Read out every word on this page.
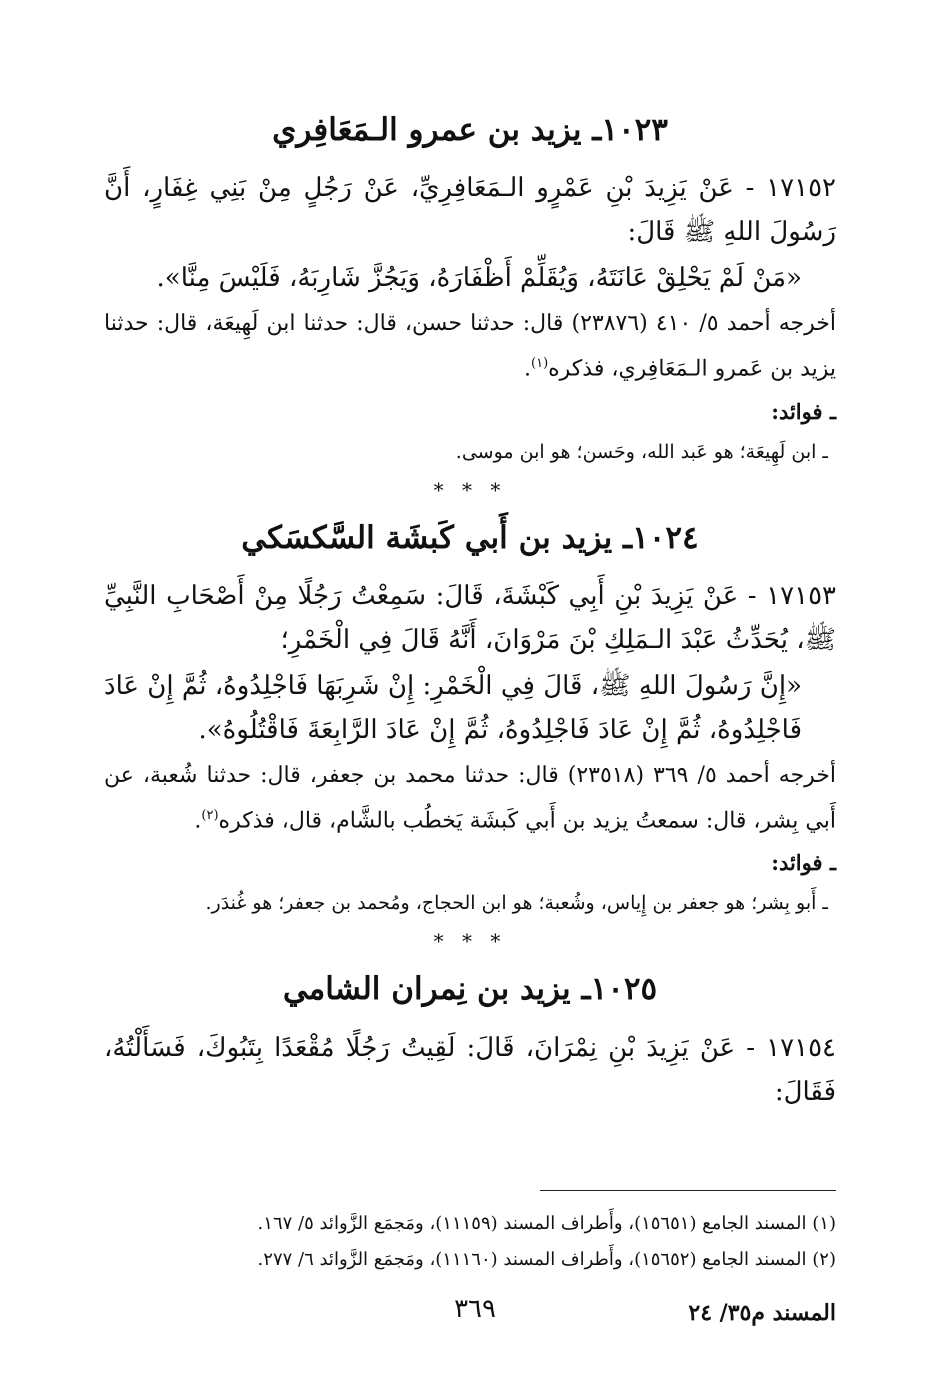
١٠٢٣ـ يزيد بن عمرو الـمَعَافِري

١٧١٥٢ - عَنْ يَزِيدَ بْنِ عَمْرٍو الـمَعَافِرِيِّ، عَنْ رَجُلٍ مِنْ بَنِي غِفَارٍ، أَنَّ رَسُولَ اللهِ ﷺ قَالَ:

«مَنْ لَمْ يَحْلِقْ عَانَتَهُ، وَيُقَلِّمْ أَظْفَارَهُ، وَيَجُزَّ شَارِبَهُ، فَلَيْسَ مِنَّا».

أخرجه أحمد ٥/ ٤١٠ (٢٣٨٧٦) قال: حدثنا حسن، قال: حدثنا ابن لَهِيعَة، قال: حدثنا يزيد بن عَمرو الـمَعَافِري، فذكره$^{(١)}$.

ـ فوائد:
ـ ابن لَهِيعَة؛ هو عَبد الله، وحَسن؛ هو ابن موسى.
* * *
١٠٢٤ـ يزيد بن أَبي كَبشَة السَّكسَكي

١٧١٥٣ - عَنْ يَزِيدَ بْنِ أَبِي كَبْشَةَ، قَالَ: سَمِعْتُ رَجُلًا مِنْ أَصْحَابِ النَّبِيِّ ﷺ، يُحَدِّثُ عَبْدَ الـمَلِكِ بْنَ مَرْوَانَ، أَنَّهُ قَالَ فِي الْخَمْرِ؛

«إِنَّ رَسُولَ اللهِ ﷺ، قَالَ فِي الْخَمْرِ: إِنْ شَرِبَهَا فَاجْلِدُوهُ، ثُمَّ إِنْ عَادَ فَاجْلِدُوهُ، ثُمَّ إِنْ عَادَ فَاجْلِدُوهُ، ثُمَّ إِنْ عَادَ الرَّابِعَةَ فَاقْتُلُوهُ».

أخرجه أحمد ٥/ ٣٦٩ (٢٣٥١٨) قال: حدثنا محمد بن جعفر، قال: حدثنا شُعبة، عن أَبي بِشر، قال: سمعتُ يزيد بن أَبي كَبشَة يَخطُب بالشَّام، قال، فذكره$^{(٢)}$.

ـ فوائد:
ـ أَبو بِشر؛ هو جعفر بن إِياس، وشُعبة؛ هو ابن الحجاج، ومُحمد بن جعفر؛ هو غُندَر.
* * *
١٠٢٥ـ يزيد بن نِمران الشامي

١٧١٥٤ - عَنْ يَزِيدَ بْنِ نِمْرَانَ، قَالَ: لَقِيتُ رَجُلًا مُقْعَدًا بِتَبُوكَ، فَسَأَلْتُهُ، فَقَالَ:

(١) المسند الجامع (١٥٦٥١)، وأَطراف المسند (١١١٥٩)، ومَجمَع الزَّوائد ٥/ ١٦٧.

(٢) المسند الجامع (١٥٦٥٢)، وأَطراف المسند (١١١٦٠)، ومَجمَع الزَّوائد ٦/ ٢٧٧.

المسند م٣٥/ ٢٤
٣٦٩
